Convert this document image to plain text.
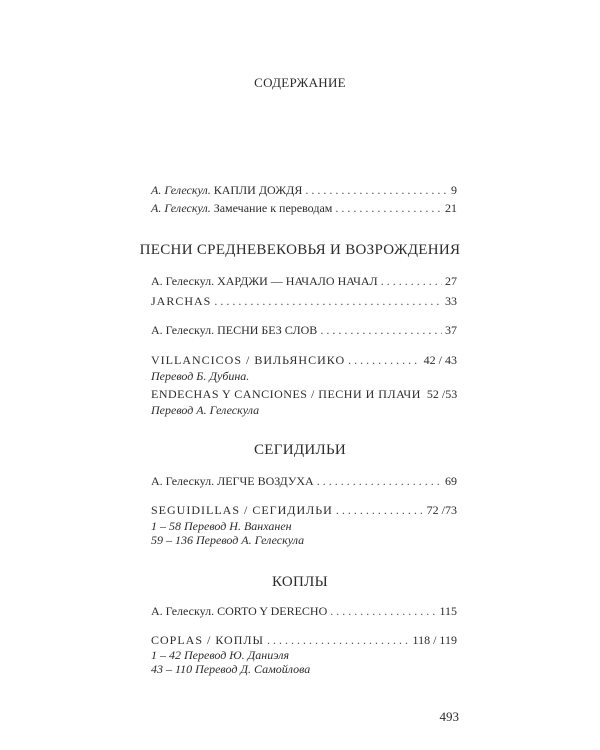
СОДЕРЖАНИЕ
А. Гелескул. КАПЛИ ДОЖДЯ . . .	9
А. Гелескул. Замечание к переводам . . .	21
ПЕСНИ СРЕДНЕВЕКОВЬЯ И ВОЗРОЖДЕНИЯ
А. Гелескул. ХАРДЖИ — НАЧАЛО НАЧАЛ . . .	27
JARCHAS . . .	33
А. Гелескул. ПЕСНИ БЕЗ СЛОВ . . .	37
VILLANCICOS / ВИЛЬЯНСИКО . . .	42 / 43
Перевод Б. Дубина.
ENDECHAS Y CANCIONES / ПЕСНИ И ПЛАЧИ 52 /53
Перевод А. Гелескула
СЕГИДИЛЬИ
А. Гелескул. ЛЕГЧЕ ВОЗДУХА . . .	69
SEGUIDILLAS / СЕГИДИЛЬИ . . .	72 /73
1 – 58 Перевод Н. Ванханен
59 – 136 Перевод А. Гелескула
КОПЛЫ
А. Гелескул. CORTO Y DERECHO . . .	115
COPLAS / КОПЛЫ . . .	118 / 119
1 – 42 Перевод Ю. Даниэля
43 – 110 Перевод Д. Самойлова
493
